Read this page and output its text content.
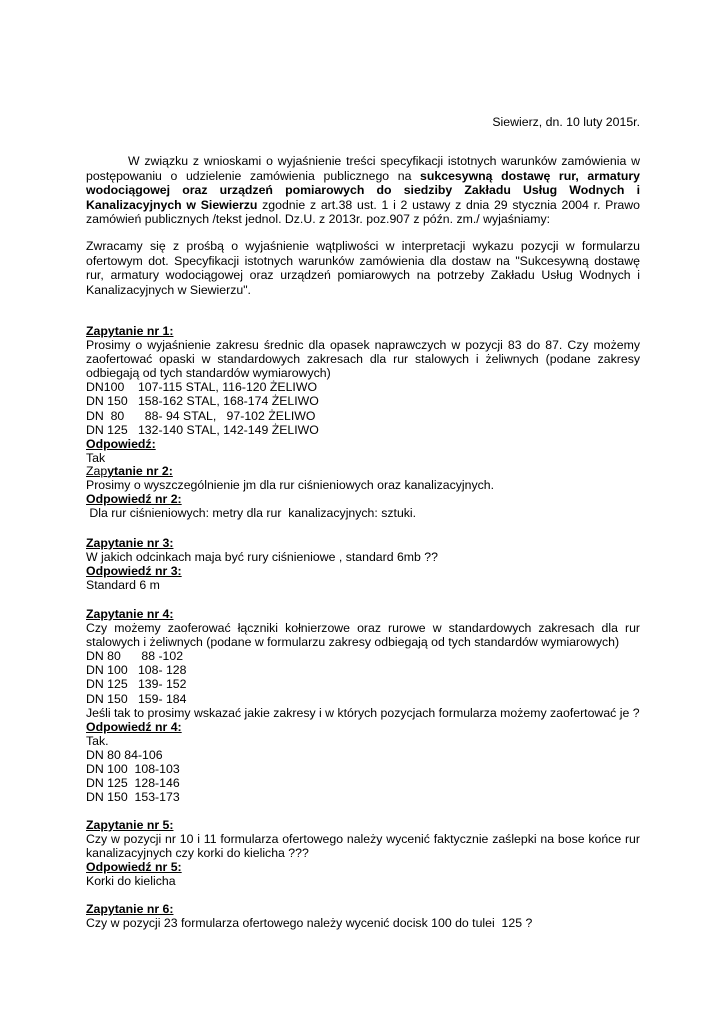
Siewierz, dn. 10 luty 2015r.
W związku z wnioskami o wyjaśnienie treści specyfikacji istotnych warunków zamówienia w postępowaniu o udzielenie zamówienia publicznego na sukcesywną dostawę rur, armatury wodociągowej oraz urządzeń pomiarowych do siedziby Zakładu Usług Wodnych i Kanalizacyjnych w Siewierzu zgodnie z art.38 ust. 1 i 2 ustawy z dnia 29 stycznia 2004 r. Prawo zamówień publicznych /tekst jednol. Dz.U. z 2013r. poz.907 z późn. zm./ wyjaśniamy:
Zwracamy się z prośbą o wyjaśnienie wątpliwości w interpretacji wykazu pozycji w formularzu ofertowym dot. Specyfikacji istotnych warunków zamówienia dla dostaw na "Sukcesywną dostawę rur, armatury wodociągowej oraz urządzeń pomiarowych na potrzeby Zakładu Usług Wodnych i Kanalizacyjnych w Siewierzu".
Zapytanie nr 1:
Prosimy o wyjaśnienie zakresu średnic dla opasek naprawczych w pozycji 83 do 87. Czy możemy zaofertować opaski w standardowych zakresach dla rur stalowych i żeliwnych (podane zakresy odbiegają od tych standardów wymiarowych)
DN100    107-115 STAL, 116-120 ŻELIWO
DN 150   158-162 STAL, 168-174 ŻELIWO
DN  80      88- 94 STAL,   97-102 ŻELIWO
DN 125   132-140 STAL, 142-149 ŻELIWO
Odpowiedź:
Tak
Zapytanie nr 2:
Prosimy o wyszczególnienie jm dla rur ciśnieniowych oraz kanalizacyjnych.
Odpowiedź nr 2:
Dla rur ciśnieniowych: metry dla rur  kanalizacyjnych: sztuki.
Zapytanie nr 3:
W jakich odcinkach maja być rury ciśnieniowe , standard 6mb ??
Odpowiedź nr 3:
Standard 6 m
Zapytanie nr 4:
Czy możemy zaoferować łączniki kołnierzowe oraz rurowe w standardowych zakresach dla rur stalowych i żeliwnych (podane w formularzu zakresy odbiegają od tych standardów wymiarowych)
DN 80      88 -102
DN 100   108- 128
DN 125   139- 152
DN 150   159- 184
Jeśli tak to prosimy wskazać jakie zakresy i w których pozycjach formularza możemy zaofertować je ?
Odpowiedź nr 4:
Tak.
DN 80 84-106
DN 100  108-103
DN 125  128-146
DN 150  153-173
Zapytanie nr 5:
Czy w pozycji nr 10 i 11 formularza ofertowego należy wycenić faktycznie zaślepki na bose końce rur kanalizacyjnych czy korki do kielicha ???
Odpowiedź nr 5:
Korki do kielicha
Zapytanie nr 6:
Czy w pozycji 23 formularza ofertowego należy wycenić docisk 100 do tulei  125 ?
